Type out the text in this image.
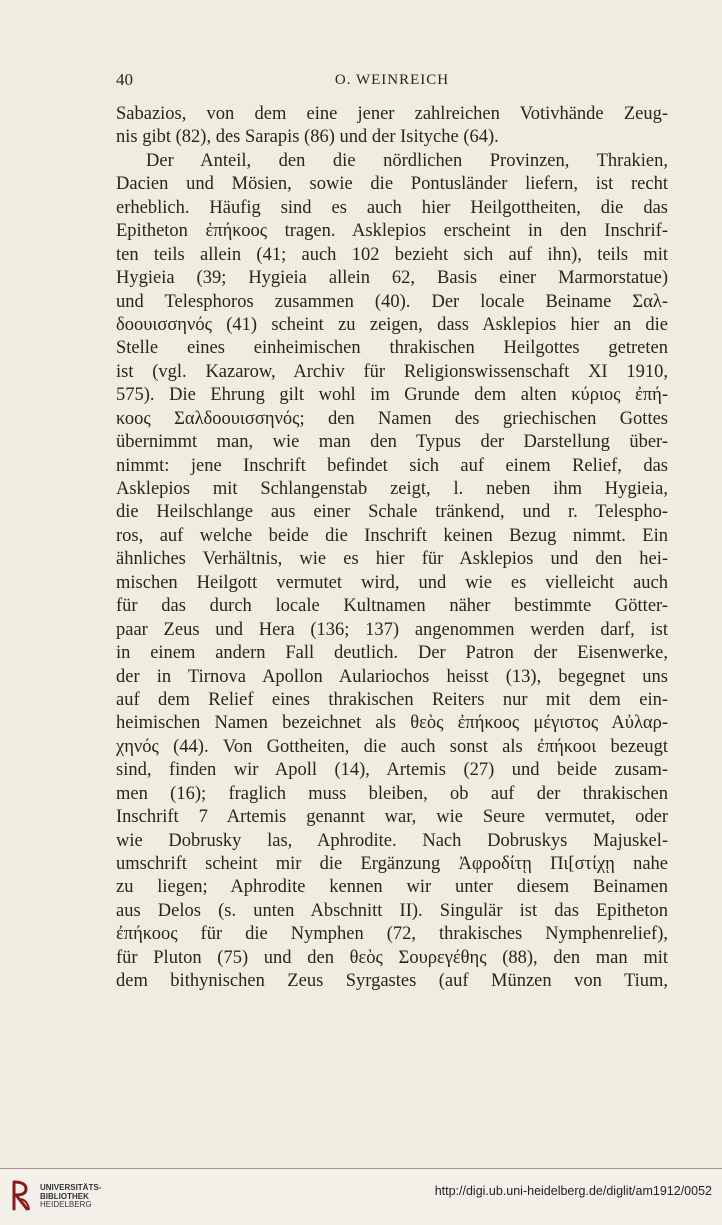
40	O. WEINREICH
Sabazios, von dem eine jener zahlreichen Votivhände Zeug-
nis gibt (82), des Sarapis (86) und der Isityche (64).
Der Anteil, den die nördlichen Provinzen, Thrakien,
Dacien und Mösien, sowie die Pontusländer liefern, ist recht
erheblich. Häufig sind es auch hier Heilgottheiten, die das
Epitheton ἐπήκοος tragen. Asklepios erscheint in den Inschrif-
ten teils allein (41; auch 102 bezieht sich auf ihn), teils mit
Hygieia (39; Hygieia allein 62, Basis einer Marmorstatue)
und Telesphoros zusammen (40). Der locale Beiname Σαλ-
δοουισσηνός (41) scheint zu zeigen, dass Asklepios hier an die
Stelle eines einheimischen thrakischen Heilgottes getreten
ist (vgl. Kazarow, Archiv für Religionswissenschaft XI 1910,
575). Die Ehrung gilt wohl im Grunde dem alten κύριος ἐπή-
κοος Σαλδοουισσηνός; den Namen des griechischen Gottes
übernimmt man, wie man den Typus der Darstellung über-
nimmt: jene Inschrift befindet sich auf einem Relief, das
Asklepios mit Schlangenstab zeigt, l. neben ihm Hygieia,
die Heilschlange aus einer Schale tränkend, und r. Telespho-
ros, auf welche beide die Inschrift keinen Bezug nimmt. Ein
ähnliches Verhältnis, wie es hier für Asklepios und den hei-
mischen Heilgott vermutet wird, und wie es vielleicht auch
für das durch locale Kultnamen näher bestimmte Götter-
paar Zeus und Hera (136; 137) angenommen werden darf, ist
in einem andern Fall deutlich. Der Patron der Eisenwerke,
der in Tirnova Apollon Aulariochos heisst (13), begegnet uns
auf dem Relief eines thrakischen Reiters nur mit dem ein-
heimischen Namen bezeichnet als θεὸς ἐπήκοος μέγιστος Αὐλαρ-
χηνός (44). Von Gottheiten, die auch sonst als ἐπήκοοι bezeugt
sind, finden wir Apoll (14), Artemis (27) und beide zusam-
men (16); fraglich muss bleiben, ob auf der thrakischen
Inschrift 7 Artemis genannt war, wie Seure vermutet, oder
wie Dobrusky las, Aphrodite. Nach Dobruskys Majuskel-
umschrift scheint mir die Ergänzung Ἀφροδίτῃ Πι[στίχῃ nahe
zu liegen; Aphrodite kennen wir unter diesem Beinamen
aus Delos (s. unten Abschnitt II). Singulär ist das Epitheton
ἐπήκοος für die Nymphen (72, thrakisches Nymphenrelief),
für Pluton (75) und den θεὸς Σουρεγέθης (88), den man mit
dem bithynischen Zeus Syrgastes (auf Münzen von Tium,
UNIVERSITÄTS-
BIBLIOTHEK
HEIDELBERG
http://digi.ub.uni-heidelberg.de/diglit/am1912/0052
